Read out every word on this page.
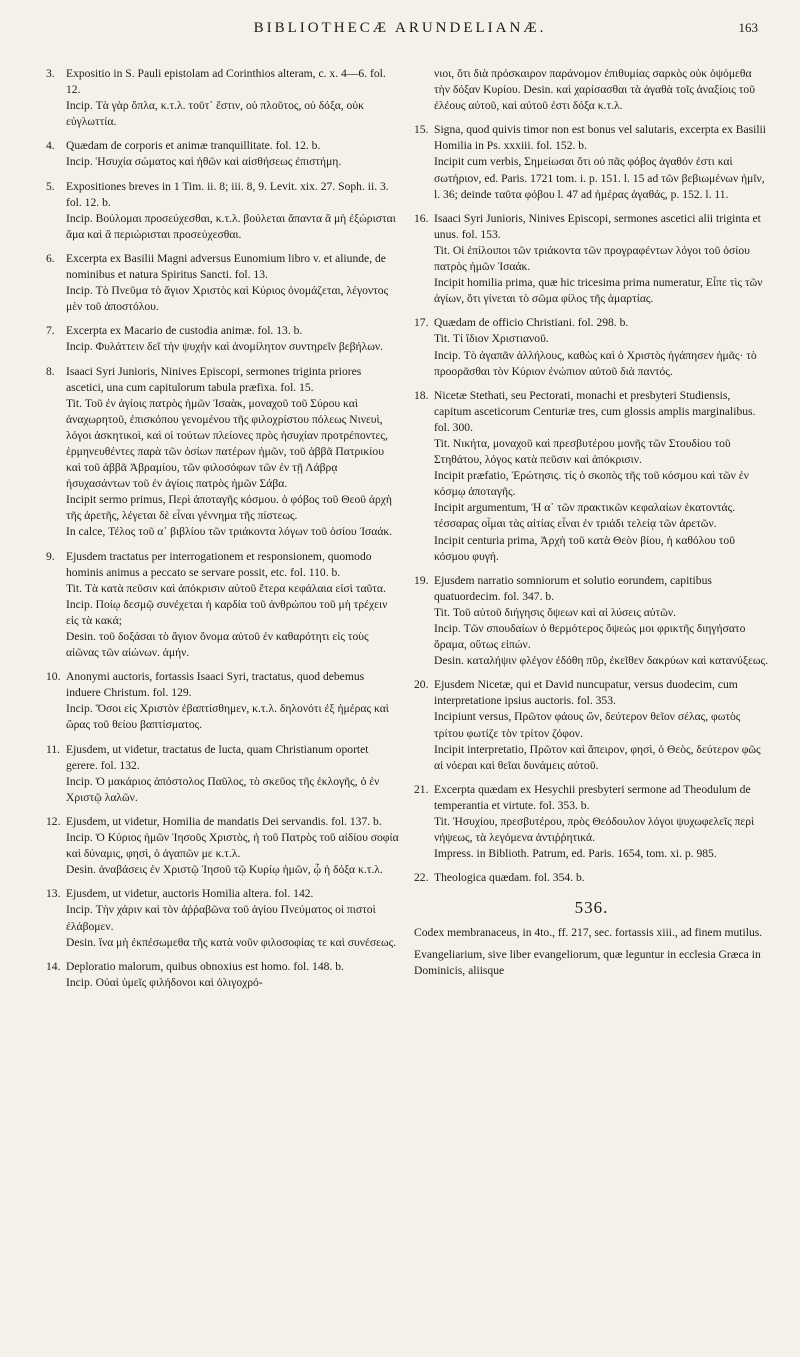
BIBLIOTHECÆ ARUNDELIANÆ.	163
3. Expositio in S. Pauli epistolam ad Corinthios alteram, c. x. 4—6. fol. 12.
Incip. Τὰ γὰρ ὅπλα, κ.τ.λ. τοῦτ᾽ ἔστιν, οὐ πλοῦτος, οὐ δόξα, οὐκ εὐγλωττία.
4. Quædam de corporis et animæ tranquillitate. fol. 12. b.
Incip. Ἡσυχία σώματος καὶ ἠθῶν καὶ αἰσθήσεως ἐπιστήμη.
5. Expositiones breves in 1 Tim. ii. 8; iii. 8, 9. Levit. xix. 27. Soph. ii. 3. fol. 12. b.
Incip. Βούλομαι προσεύχεσθαι, κ.τ.λ. βούλεται ἅπαντα ἃ μὴ ἐξώρισται ἅμα καὶ ἃ περιώρισται προσεύχεσθαι.
6. Excerpta ex Basilii Magni adversus Eunomium libro v. et aliunde, de nominibus et natura Spiritus Sancti. fol. 13.
Incip. Τὸ Πνεῦμα τὸ ἅγιον Χριστὸς καὶ Κύριος ὀνομάζεται, λέγοντος μὲν τοῦ ἀποστόλου.
7. Excerpta ex Macario de custodia animæ. fol. 13. b.
Incip. Φυλάττειν δεῖ τὴν ψυχὴν καὶ ἀνομίλητον συντηρεῖν βεβήλων.
8. Isaaci Syri Junioris, Ninives Episcopi, sermones triginta priores ascetici, una cum capitulorum tabula præfixa. fol. 15.
Tit. Τοῦ ἐν ἁγίοις πατρὸς ἡμῶν Ἰσαὰκ, μοναχοῦ τοῦ Σύρου καὶ ἀναχωρητοῦ, ἐπισκόπου γενομένου τῆς φιλοχρίστου πόλεως Νινευὶ, λόγοι ἀσκητικοὶ, καὶ οἱ τούτων πλείονες πρὸς ἡσυχίαν προτρέποντες, ἑρμηνευθέντες παρὰ τῶν ὁσίων πατέρων ἡμῶν, τοῦ ἀββᾶ Πατρικίου καὶ τοῦ ἀββᾶ Ἀβραμίου, τῶν φιλοσόφων τῶν ἐν τῇ Λάβρᾳ ἡσυχασάντων τοῦ ἐν ἁγίοις πατρὸς ἡμῶν Σάβα.
Incipit sermo primus, Περὶ ἀποταγῆς κόσμου. ὁ φόβος τοῦ Θεοῦ ἀρχὴ τῆς ἀρετῆς, λέγεται δὲ εἶναι γέννημα τῆς πίστεως.
In calce, Τέλος τοῦ α᾽ βιβλίου τῶν τριάκοντα λόγων τοῦ ὁσίου Ἰσαάκ.
9. Ejusdem tractatus per interrogationem et responsionem, quomodo hominis animus a peccato se servare possit, etc. fol. 110. b.
Tit. Τὰ κατὰ πεῦσιν καὶ ἀπόκρισιν αὐτοῦ ἕτερα κεφάλαια εἰσὶ ταῦτα.
Incip. Ποίῳ δεσμῷ συνέχεται ἡ καρδία τοῦ ἀνθρώπου τοῦ μὴ τρέχειν εἰς τὰ κακά;
Desin. τοῦ δοξάσαι τὸ ἅγιον ὄνομα αὐτοῦ ἐν καθαρότητι εἰς τοὺς αἰῶνας τῶν αἰώνων. ἀμήν.
10. Anonymi auctoris, fortassis Isaaci Syri, tractatus, quod debemus induere Christum. fol. 129.
Incip. Ὅσοι εἰς Χριστὸν ἐβαπτίσθημεν, κ.τ.λ. δηλονότι ἐξ ἡμέρας καὶ ὥρας τοῦ θείου βαπτίσματος.
11. Ejusdem, ut videtur, tractatus de lucta, quam Christianum oportet gerere. fol. 132.
Incip. Ὁ μακάριος ἀπόστολος Παῦλος, τὸ σκεῦος τῆς ἐκλογῆς, ὁ ἐν Χριστῷ λαλῶν.
12. Ejusdem, ut videtur, Homilia de mandatis Dei servandis. fol. 137. b.
Incip. Ὁ Κύριος ἡμῶν Ἰησοῦς Χριστὸς, ἡ τοῦ Πατρὸς τοῦ αἰδίου σοφία καὶ δύναμις, φησὶ, ὁ ἀγαπῶν με κ.τ.λ.
Desin. ἀναβάσεις ἐν Χριστῷ Ἰησοῦ τῷ Κυρίῳ ἡμῶν, ᾧ ἡ δόξα κ.τ.λ.
13. Ejusdem, ut videtur, auctoris Homilia altera. fol. 142.
Incip. Τὴν χάριν καὶ τὸν ἀῤῥαβῶνα τοῦ ἁγίου Πνεύματος οἱ πιστοὶ ἐλάβομεν.
Desin. ἵνα μὴ ἐκπέσωμεθα τῆς κατὰ νοῦν φιλοσοφίας τε καὶ συνέσεως.
14. Deploratio malorum, quibus obnoxius est homo. fol. 148. b.
Incip. Οὐαὶ ὑμεῖς φιλήδονοι καὶ ὀλιγοχρό-
νιοι, ὅτι διὰ πρόσκαιρον παράνομον ἐπιθυμίας σαρκὸς οὐκ ὀψόμεθα τὴν δόξαν Κυρίου. Desin. καὶ χαρίσασθαι τὰ ἀγαθὰ τοῖς ἀναξίοις τοῦ ἐλέους αὐτοῦ, καὶ αὐτοῦ ἐστι δόξα κ.τ.λ.
15. Signa, quod quivis timor non est bonus vel salutaris, excerpta ex Basilii Homilia in Ps. xxxiii. fol. 152. b.
Incipit cum verbis, Σημείωσαι ὅτι οὐ πᾶς φόβος ἀγαθόν ἐστι καὶ σωτήριον, ed. Paris. 1721 tom. i. p. 151. l. 15 ad τῶν βεβιωμένων ἡμῖν, l. 36; deinde ταῦτα φόβου l. 47 ad ἡμέρας ἀγαθάς, p. 152. l. 11.
16. Isaaci Syri Junioris, Ninives Episcopi, sermones ascetici alii triginta et unus. fol. 153.
Tit. Οἱ ἐπίλοιποι τῶν τριάκοντα τῶν προγραφέντων λόγοι τοῦ ὁσίου πατρὸς ἡμῶν Ἰσαάκ.
Incipit homilia prima, quæ hic tricesima prima numeratur, Εἶπε τὶς τῶν ἁγίων, ὅτι γίνεται τὸ σῶμα φίλος τῆς ἁμαρτίας.
17. Quædam de officio Christiani. fol. 298. b.
Tit. Τί ἴδιον Χριστιανοῦ.
Incip. Τὸ ἀγαπᾶν ἀλλήλους, καθὼς καὶ ὁ Χριστὸς ἠγάπησεν ἡμᾶς· τὸ προορᾶσθαι τὸν Κύριον ἐνώπιον αὐτοῦ διὰ παντός.
18. Nicetæ Stethati, seu Pectorati, monachi et presbyteri Studiensis, capitum asceticorum Centuriæ tres, cum glossis amplis marginalibus. fol. 300.
Tit. Νικήτα, μοναχοῦ καὶ πρεσβυτέρου μονῆς τῶν Στουδίου τοῦ Στηθάτου, λόγος κατὰ πεῦσιν καὶ ἀπόκρισιν.
Incipit præfatio, Ἐρώτησις. τίς ὁ σκοπὸς τῆς τοῦ κόσμου καὶ τῶν ἐν κόσμῳ ἀποταγῆς.
Incipit argumentum, Ἡ α᾽ τῶν πρακτικῶν κεφαλαίων ἑκατοντάς. τέσσαρας οἶμαι τὰς αἰτίας εἶναι ἐν τριάδι τελείᾳ τῶν ἀρετῶν.
Incipit centuria prima, Ἀρχὴ τοῦ κατὰ Θεὸν βίου, ἡ καθόλου τοῦ κόσμου φυγή.
19. Ejusdem narratio somniorum et solutio eorundem, capitibus quatuordecim. fol. 347. b.
Tit. Τοῦ αὐτοῦ διήγησις ὄψεων καὶ αἱ λύσεις αὐτῶν.
Incip. Τῶν σπουδαίων ὁ θερμότερος ὄψεώς μοι φρικτῆς διηγήσατο ὅραμα, οὕτως εἰπών.
Desin. καταλήψιν φλέγον ἐδόθη πῦρ, ἐκεῖθεν δακρύων καὶ κατανύξεως.
20. Ejusdem Nicetæ, qui et David nuncupatur, versus duodecim, cum interpretatione ipsius auctoris. fol. 353.
Incipiunt versus, Πρῶτον φάους ὤν, δεύτερον θεῖον σέλας, φωτὸς τρίτου φωτίζε τὸν τρίτον ζόφον.
Incipit interpretatio, Πρῶτον καὶ ἄπειρον, φησὶ, ὁ Θεὸς, δεύτερον φῶς αἱ νόεραι καὶ θεῖαι δυνάμεις αὐτοῦ.
21. Excerpta quædam ex Hesychii presbyteri sermone ad Theodulum de temperantia et virtute. fol. 353. b.
Tit. Ἡσυχίου, πρεσβυτέρου, πρὸς Θεόδουλον λόγοι ψυχωφελεῖς περὶ νήψεως, τὰ λεγόμενα ἀντιῤῥητικά.
Impress. in Biblioth. Patrum, ed. Paris. 1654, tom. xi. p. 985.
22. Theologica quædam. fol. 354. b.
536.

Codex membranaceus, in 4to., ff. 217, sec. fortassis xiii., ad finem mutilus.

Evangeliarium, sive liber evangeliorum, quæ leguntur in ecclesia Græca in Dominicis, aliisque
